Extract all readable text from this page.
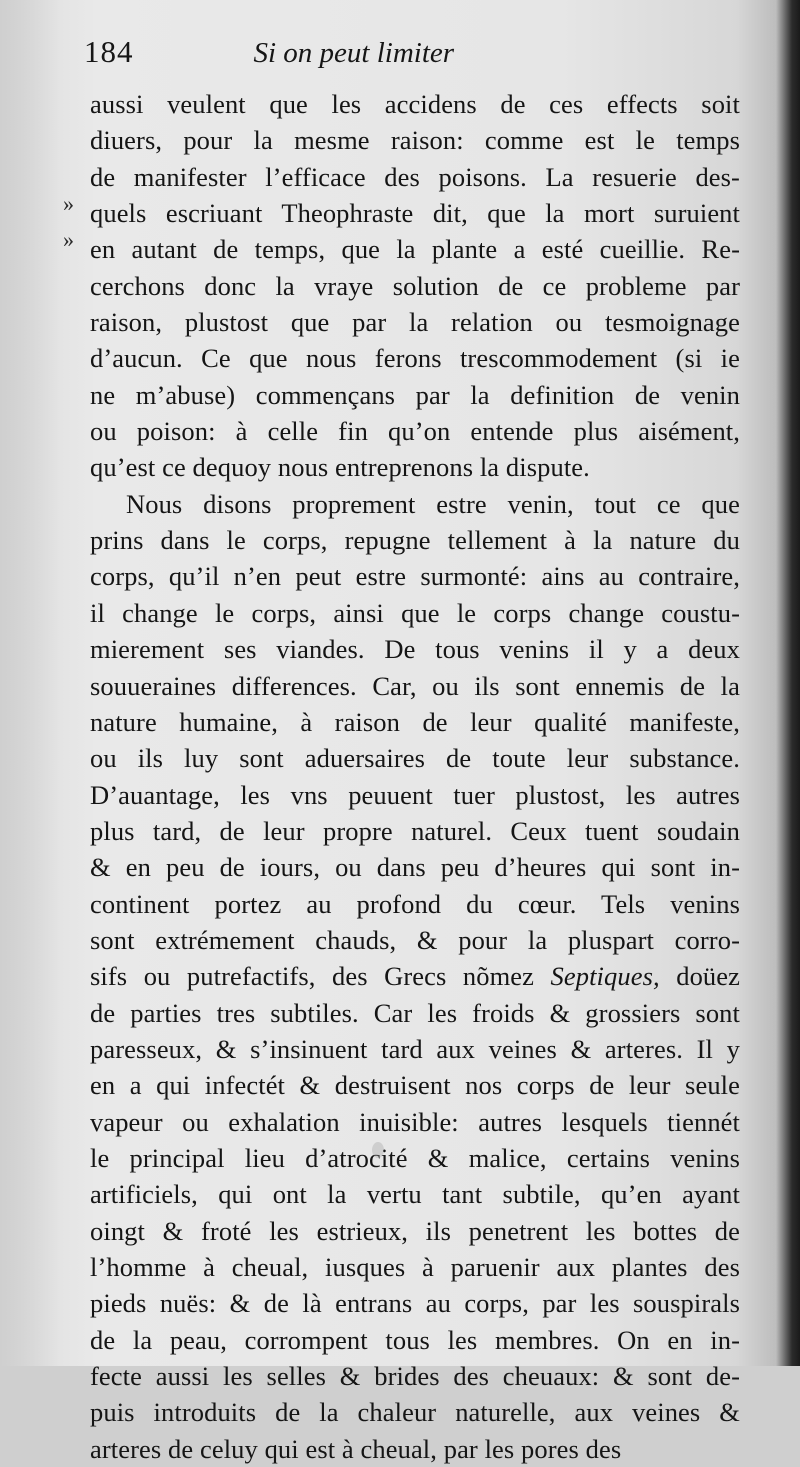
184	Si on peut limiter
»
»
aussi veulent que les accidens de ces effects soit
diuers, pour la mesme raison: comme est le temps
de manifester l’efficace des poisons. La resuerie des-
quels escriuant Theophraste dit, que la mort suruient
en autant de temps, que la plante a esté cueillie. Re-
cerchons donc la vraye solution de ce probleme par
raison, plustost que par la relation ou tesmoignage
d’aucun. Ce que nous ferons trescommodement (si ie
ne m’abuse) commençans par la definition de venin
ou poison: à celle fin qu’on entende plus aisément,
qu’est ce dequoy nous entreprenons la dispute.
Nous disons proprement estre venin, tout ce que
prins dans le corps, repugne tellement à la nature du
corps, qu’il n’en peut estre surmonté: ains au contraire,
il change le corps, ainsi que le corps change coustu-
mierement ses viandes. De tous venins il y a deux
souueraines differences. Car, ou ils sont ennemis de la
nature humaine, à raison de leur qualité manifeste,
ou ils luy sont aduersaires de toute leur substance.
D’auantage, les vns peuuent tuer plustost, les autres
plus tard, de leur propre naturel. Ceux tuent soudain
& en peu de iours, ou dans peu d’heures qui sont in-
continent portez au profond du cœur. Tels venins
sont extrémement chauds, & pour la pluspart corro-
sifs ou putrefactifs, des Grecs nõmez Septiques, doüez
de parties tres subtiles. Car les froids & grossiers sont
paresseux, & s’insinuent tard aux veines & arteres. Il y
en a qui infectét & destruisent nos corps de leur seule
vapeur ou exhalation inuisible: autres lesquels tiennét
le principal lieu d’atrocité & malice, certains venins
artificiels, qui ont la vertu tant subtile, qu’en ayant
oingt & froté les estrieux, ils penetrent les bottes de
l’homme à cheual, iusques à paruenir aux plantes des
pieds nuës: & de là entrans au corps, par les souspirals
de la peau, corrompent tous les membres. On en in-
fecte aussi les selles & brides des cheuaux: & sont de-
puis introduits de la chaleur naturelle, aux veines &
arteres de celuy qui est à cheual, par les pores des
